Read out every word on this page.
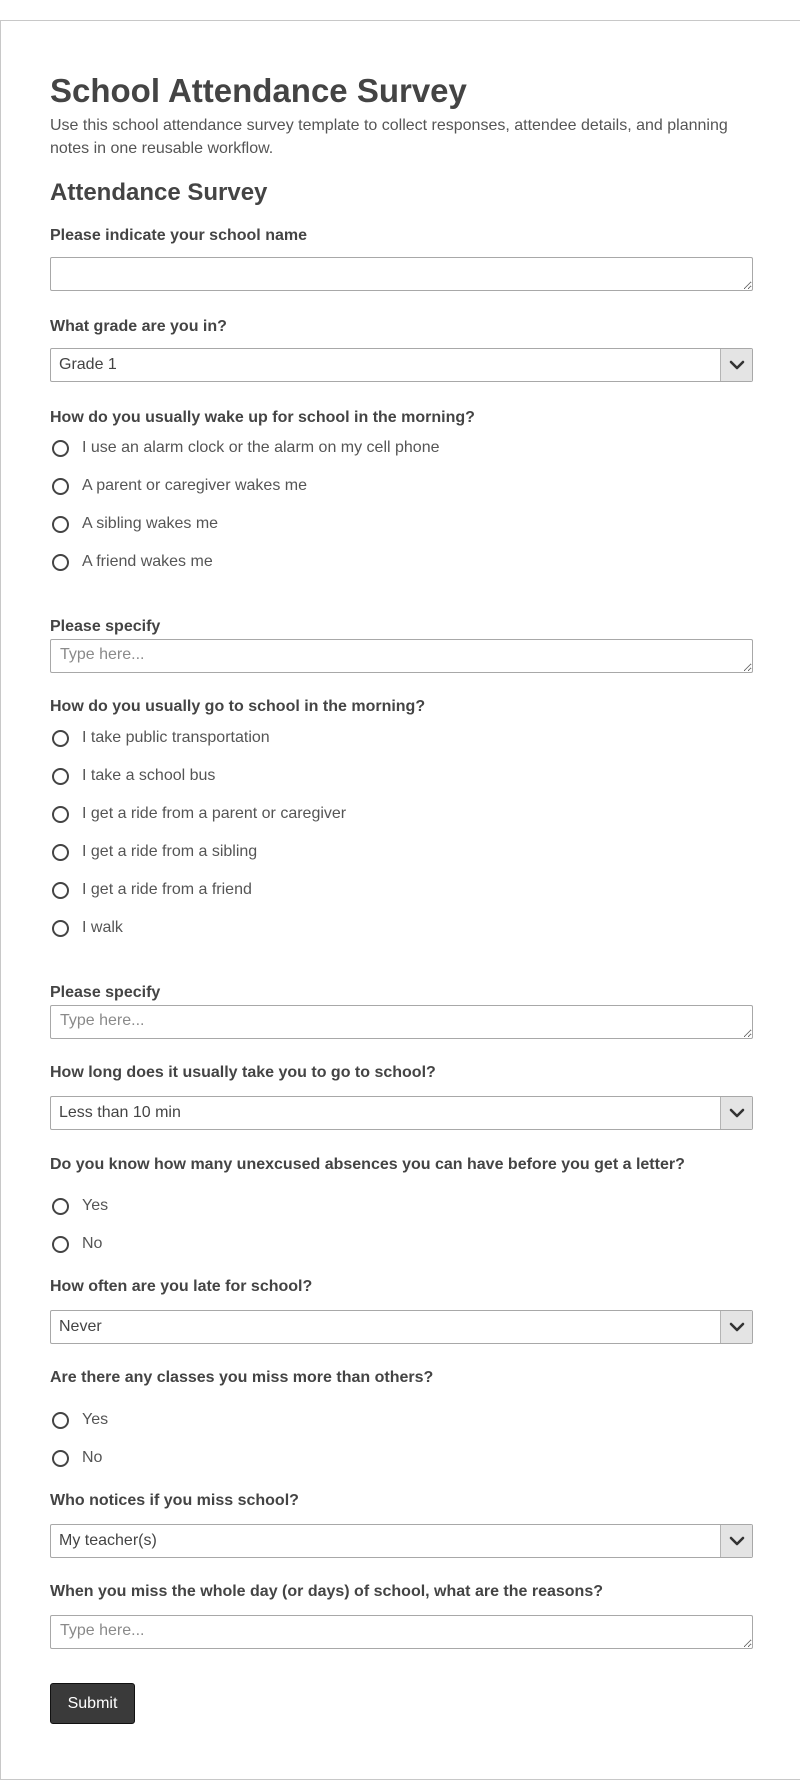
School Attendance Survey

Use this school attendance survey template to collect responses, attendee details, and planning notes in one reusable workflow.

Attendance Survey
Please indicate your school name
What grade are you in?
Grade 1
How do you usually wake up for school in the morning?
I use an alarm clock or the alarm on my cell phone
A parent or caregiver wakes me
A sibling wakes me
A friend wakes me
Please specify
Type here...
How do you usually go to school in the morning?
I take public transportation
I take a school bus
I get a ride from a parent or caregiver
I get a ride from a sibling
I get a ride from a friend
I walk
Please specify
Type here...
How long does it usually take you to go to school?
Less than 10 min
Do you know how many unexcused absences you can have before you get a letter?
Yes
No
How often are you late for school?
Never
Are there any classes you miss more than others?
Yes
No
Who notices if you miss school?
My teacher(s)
When you miss the whole day (or days) of school, what are the reasons?
Type here...
Submit
